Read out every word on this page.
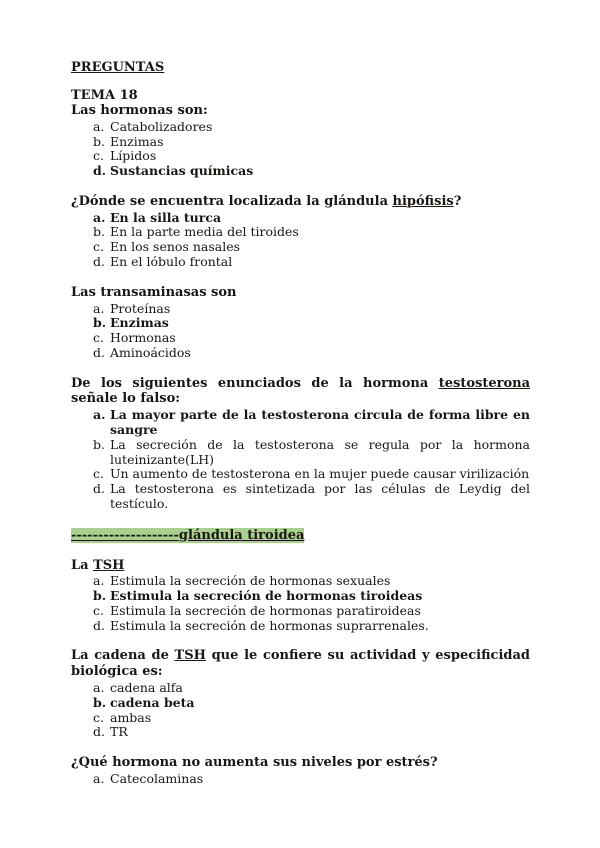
PREGUNTAS
TEMA 18
Las hormonas son:
a. Catabolizadores
b. Enzimas
c. Lípidos
d. Sustancias químicas
¿Dónde se encuentra localizada la glándula hipófisis?
a. En la silla turca
b. En la parte media del tiroides
c. En los senos nasales
d. En el lóbulo frontal
Las transaminasas son
a. Proteínas
b. Enzimas
c. Hormonas
d. Aminoácidos
De los siguientes enunciados de la hormona testosterona señale lo falso:
a. La mayor parte de la testosterona circula de forma libre en sangre
b. La secreción de la testosterona se regula por la hormona luteinizante(LH)
c. Un aumento de testosterona en la mujer puede causar virilización
d. La testosterona es sintetizada por las células de Leydig del testículo.
--------------------glándula tiroidea
La TSH
a. Estimula la secreción de hormonas sexuales
b. Estimula la secreción de hormonas tiroideas
c. Estimula la secreción de hormonas paratiroideas
d. Estimula la secreción de hormonas suprarrenales.
La cadena de TSH que le confiere su actividad y especificidad biológica es:
a. cadena alfa
b. cadena beta
c. ambas
d. TR
¿Qué hormona no aumenta sus niveles por estrés?
a. Catecolaminas
